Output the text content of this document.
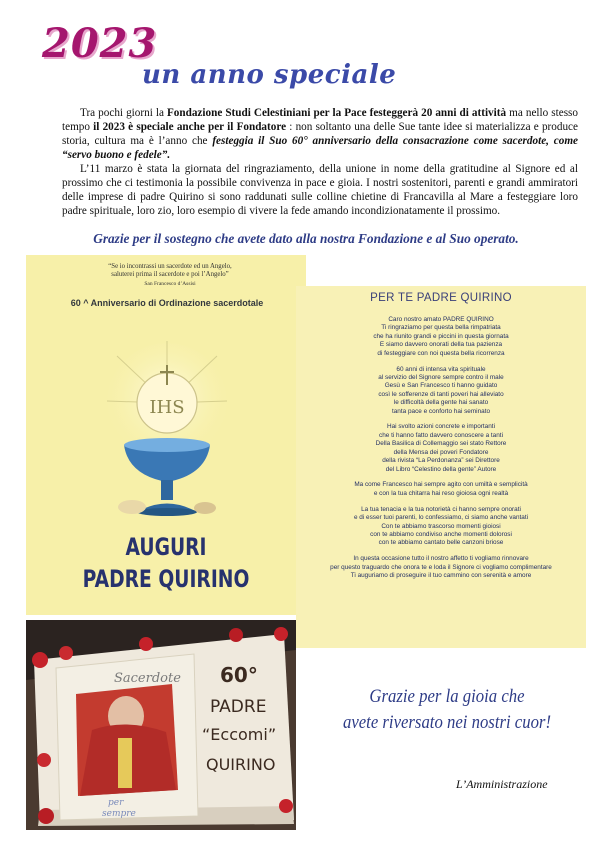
2023
un anno speciale

Tra pochi giorni la Fondazione Studi Celestiniani per la Pace festeggerà 20 anni di attività ma nello stesso tempo il 2023 è speciale anche per il Fondatore : non soltanto una delle Sue tante idee si materializza e produce storia, cultura ma è l’anno che festeggia il Suo 60° anniversario della consacrazione come sacerdote, come “servo buono e fedele”.

L’11 marzo è stata la giornata del ringraziamento, della unione in nome della gratitudine al Signore ed al prossimo che ci testimonia la possibile convivenza in pace e gioia. I nostri sostenitori, parenti e grandi ammiratori delle imprese di padre Quirino si sono raddunati sulle colline chietine di Francavilla al Mare a festeggiare loro padre spirituale, loro zio, loro esempio di vivere la fede amando incondizionatamente il prossimo.

Grazie per il sostegno che avete dato alla nostra Fondazione e al Suo operato.

“Se io incontrassi un sacerdote ed un Angelo,
saluterei prima il sacerdote e poi l’Angelo”
San Francesco d’Assisi
60 ^ Anniversario di Ordinazione sacerdotale
IHS
AUGURI
PADRE QUIRINO
PER TE PADRE QUIRINO
Caro nostro amato PADRE QUIRINO
Ti ringraziamo per questa bella rimpatriata
che ha riunito grandi e piccini in questa giornata
E siamo davvero onorati della tua pazienza
di festeggiare con noi questa bella ricorrenza
60 anni di intensa vita spirituale
al servizio del Signore sempre contro il male
Gesù e San Francesco ti hanno guidato
così le sofferenze di tanti poveri hai alleviato
le difficoltà della gente hai sanato
tanta pace e conforto hai seminato
Hai svolto azioni concrete e importanti
che ti hanno fatto davvero conoscere a tanti
Della Basilica di Collemaggio sei stato Rettore
della Mensa dei poveri Fondatore
della rivista “La Perdonanza” sei Direttore
del Libro “Celestino della gente” Autore
Ma come Francesco hai sempre agito con umiltà e semplicità
e con la tua chitarra hai reso gioiosa ogni realtà
La tua tenacia e la tua notorietà ci hanno sempre onorati
e di esser tuoi parenti, lo confessiamo, ci siamo anche vantati
Con te abbiamo trascorso momenti gioiosi
con te abbiamo condiviso anche momenti dolorosi
con te abbiamo cantato belle canzoni briose
In questa occasione tutto il nostro affetto ti vogliamo rinnovare
per questo traguardo che onora te e loda il Signore ci vogliamo complimentare
Ti auguriamo di proseguire il tuo cammino con serenità e amore
Sacerdote
per
sempre
60°
PADRE
“Eccomi”
QUIRINO

Grazie per la gioia che
avete riversato nei nostri cuor!

L’Amministrazione
